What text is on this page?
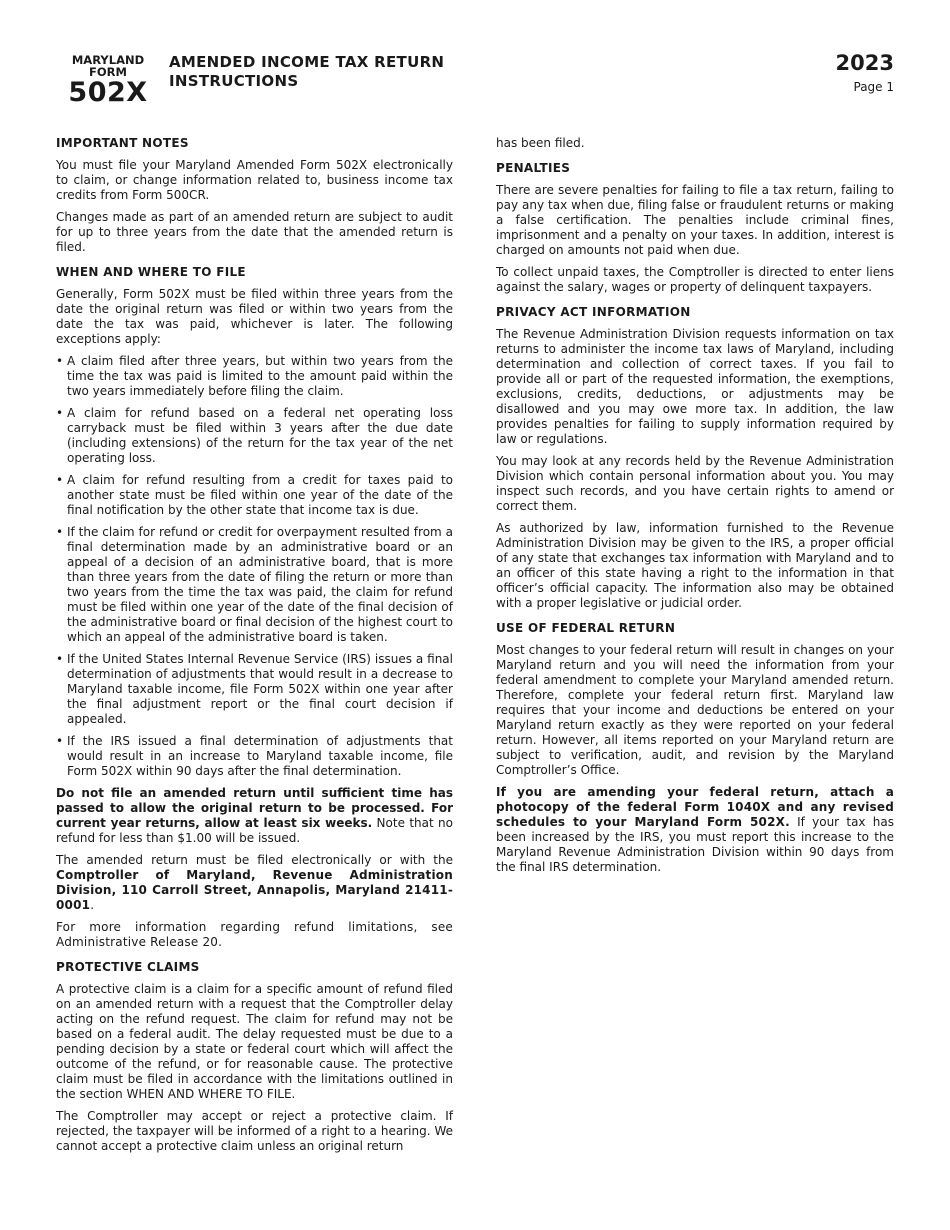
MARYLAND
FORM
502X
AMENDED INCOME TAX RETURN
INSTRUCTIONS
2023
Page 1
IMPORTANT NOTES

You must file your Maryland Amended Form 502X electronically to claim, or change information related to, business income tax credits from Form 500CR.

Changes made as part of an amended return are subject to audit for up to three years from the date that the amended return is filed.

WHEN AND WHERE TO FILE

Generally, Form 502X must be filed within three years from the date the original return was filed or within two years from the date the tax was paid, whichever is later. The following exceptions apply:

• A claim filed after three years, but within two years from the time the tax was paid is limited to the amount paid within the two years immediately before filing the claim.
• A claim for refund based on a federal net operating loss carryback must be filed within 3 years after the due date (including extensions) of the return for the tax year of the net operating loss.
• A claim for refund resulting from a credit for taxes paid to another state must be filed within one year of the date of the final notification by the other state that income tax is due.
• If the claim for refund or credit for overpayment resulted from a final determination made by an administrative board or an appeal of a decision of an administrative board, that is more than three years from the date of filing the return or more than two years from the time the tax was paid, the claim for refund must be filed within one year of the date of the final decision of the administrative board or final decision of the highest court to which an appeal of the administrative board is taken.
• If the United States Internal Revenue Service (IRS) issues a final determination of adjustments that would result in a decrease to Maryland taxable income, file Form 502X within one year after the final adjustment report or the final court decision if appealed.
• If the IRS issued a final determination of adjustments that would result in an increase to Maryland taxable income, file Form 502X within 90 days after the final determination.

Do not file an amended return until sufficient time has passed to allow the original return to be processed. For current year returns, allow at least six weeks. Note that no refund for less than $1.00 will be issued.

The amended return must be filed electronically or with the Comptroller of Maryland, Revenue Administration Division, 110 Carroll Street, Annapolis, Maryland 21411-0001.

For more information regarding refund limitations, see Administrative Release 20.

PROTECTIVE CLAIMS

A protective claim is a claim for a specific amount of refund filed on an amended return with a request that the Comptroller delay acting on the refund request. The claim for refund may not be based on a federal audit. The delay requested must be due to a pending decision by a state or federal court which will affect the outcome of the refund, or for reasonable cause. The protective claim must be filed in accordance with the limitations outlined in the section WHEN AND WHERE TO FILE.

The Comptroller may accept or reject a protective claim. If rejected, the taxpayer will be informed of a right to a hearing. We cannot accept a protective claim unless an original return

has been filed.

PENALTIES

There are severe penalties for failing to file a tax return, failing to pay any tax when due, filing false or fraudulent returns or making a false certification. The penalties include criminal fines, imprisonment and a penalty on your taxes. In addition, interest is charged on amounts not paid when due.

To collect unpaid taxes, the Comptroller is directed to enter liens against the salary, wages or property of delinquent taxpayers.

PRIVACY ACT INFORMATION

The Revenue Administration Division requests information on tax returns to administer the income tax laws of Maryland, including determination and collection of correct taxes. If you fail to provide all or part of the requested information, the exemptions, exclusions, credits, deductions, or adjustments may be disallowed and you may owe more tax. In addition, the law provides penalties for failing to supply information required by law or regulations.

You may look at any records held by the Revenue Administration Division which contain personal information about you. You may inspect such records, and you have certain rights to amend or correct them.

As authorized by law, information furnished to the Revenue Administration Division may be given to the IRS, a proper official of any state that exchanges tax information with Maryland and to an officer of this state having a right to the information in that officer’s official capacity. The information also may be obtained with a proper legislative or judicial order.

USE OF FEDERAL RETURN

Most changes to your federal return will result in changes on your Maryland return and you will need the information from your federal amendment to complete your Maryland amended return. Therefore, complete your federal return first. Maryland law requires that your income and deductions be entered on your Maryland return exactly as they were reported on your federal return. However, all items reported on your Maryland return are subject to verification, audit, and revision by the Maryland Comptroller’s Office.

If you are amending your federal return, attach a photocopy of the federal Form 1040X and any revised schedules to your Maryland Form 502X. If your tax has been increased by the IRS, you must report this increase to the Maryland Revenue Administration Division within 90 days from the final IRS determination.
